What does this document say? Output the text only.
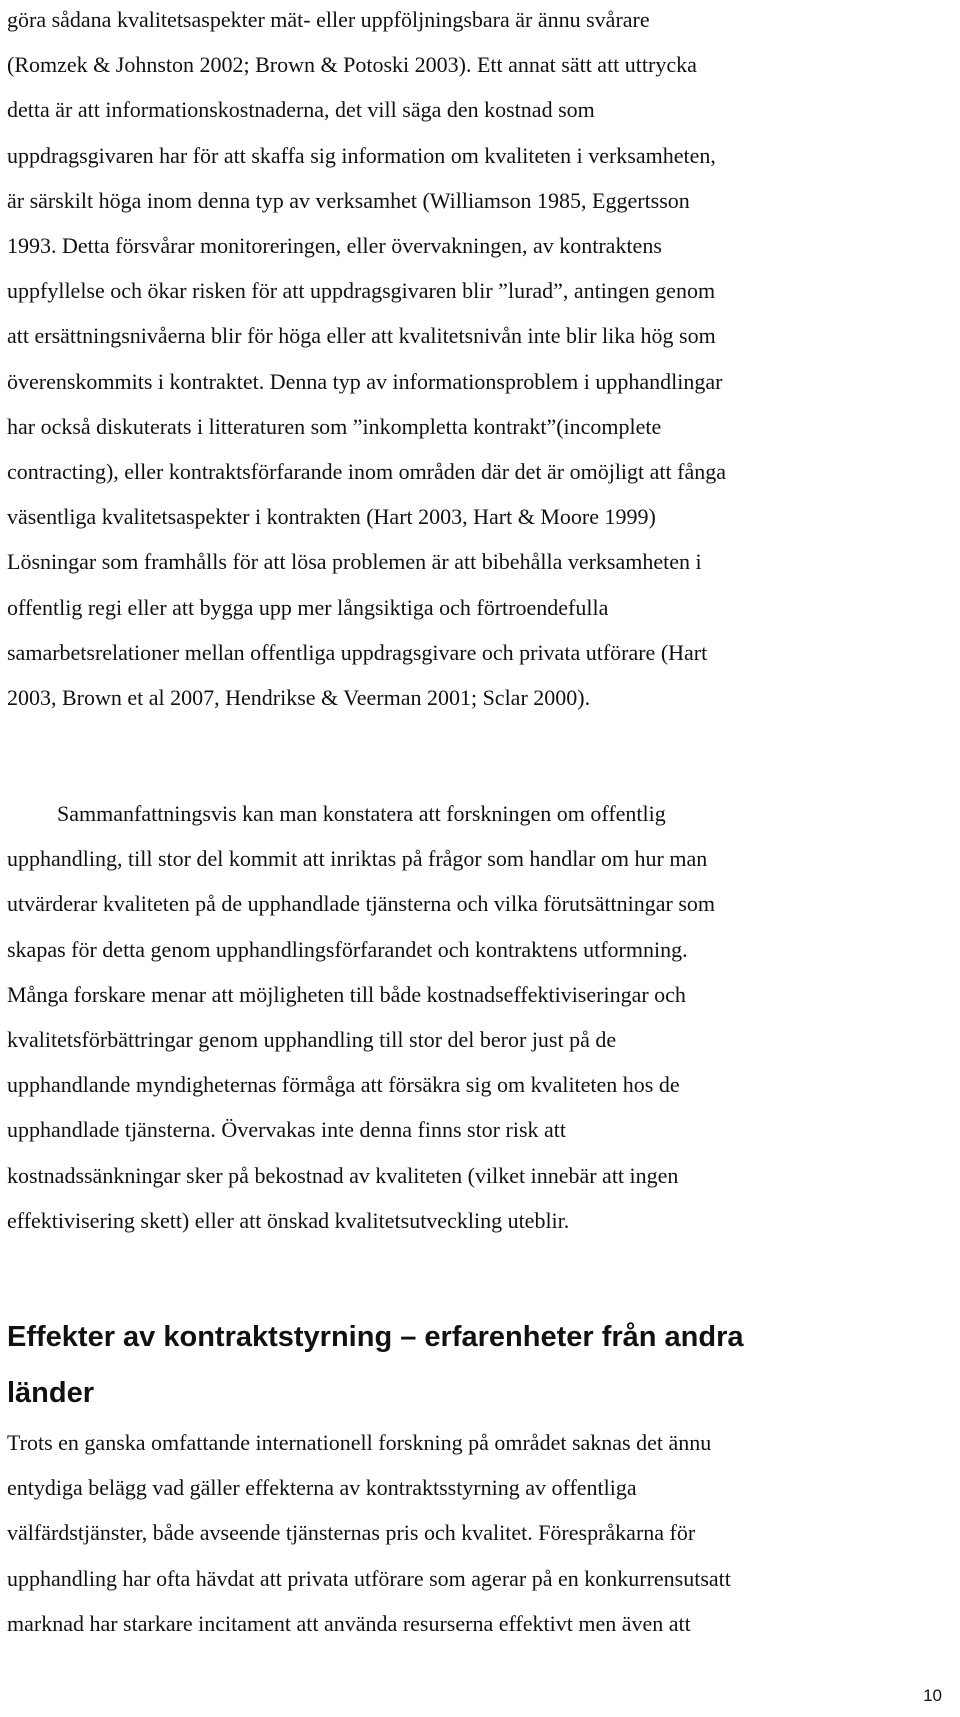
göra sådana kvalitetsaspekter mät- eller uppföljningsbara är ännu svårare
(Romzek & Johnston 2002; Brown & Potoski 2003). Ett annat sätt att uttrycka
detta är att informationskostnaderna, det vill säga den kostnad som
uppdragsgivaren har för att skaffa sig information om kvaliteten i verksamheten,
är särskilt höga inom denna typ av verksamhet (Williamson 1985, Eggertsson
1993. Detta försvårar monitoreringen, eller övervakningen, av kontraktens
uppfyllelse och ökar risken för att uppdragsgivaren blir ”lurad”, antingen genom
att ersättningsnivåerna blir för höga eller att kvalitetsnivån inte blir lika hög som
överenskommits i kontraktet. Denna typ av informationsproblem i upphandlingar
har också diskuterats i litteraturen som ”inkompletta kontrakt”(incomplete
contracting), eller kontraktsförfarande inom områden där det är omöjligt att fånga
väsentliga kvalitetsaspekter i kontrakten (Hart 2003, Hart & Moore 1999)
Lösningar som framhålls för att lösa problemen är att bibehålla verksamheten i
offentlig regi eller att bygga upp mer långsiktiga och förtroendefulla
samarbetsrelationer mellan offentliga uppdragsgivare och privata utförare (Hart
2003, Brown et al 2007, Hendrikse & Veerman 2001; Sclar 2000).

Sammanfattningsvis kan man konstatera att forskningen om offentlig
upphandling, till stor del kommit att inriktas på frågor som handlar om hur man
utvärderar kvaliteten på de upphandlade tjänsterna och vilka förutsättningar som
skapas för detta genom upphandlingsförfarandet och kontraktens utformning.
Många forskare menar att möjligheten till både kostnadseffektiviseringar och
kvalitetsförbättringar genom upphandling till stor del beror just på de
upphandlande myndigheternas förmåga att försäkra sig om kvaliteten hos de
upphandlade tjänsterna. Övervakas inte denna finns stor risk att
kostnadssänkningar sker på bekostnad av kvaliteten (vilket innebär att ingen
effektivisering skett) eller att önskad kvalitetsutveckling uteblir.

Effekter av kontraktstyrning – erfarenheter från andra
länder

Trots en ganska omfattande internationell forskning på området saknas det ännu
entydiga belägg vad gäller effekterna av kontraktsstyrning av offentliga
välfärdstjänster, både avseende tjänsternas pris och kvalitet. Förespråkarna för
upphandling har ofta hävdat att privata utförare som agerar på en konkurrensutsatt
marknad har starkare incitament att använda resurserna effektivt men även att

10
